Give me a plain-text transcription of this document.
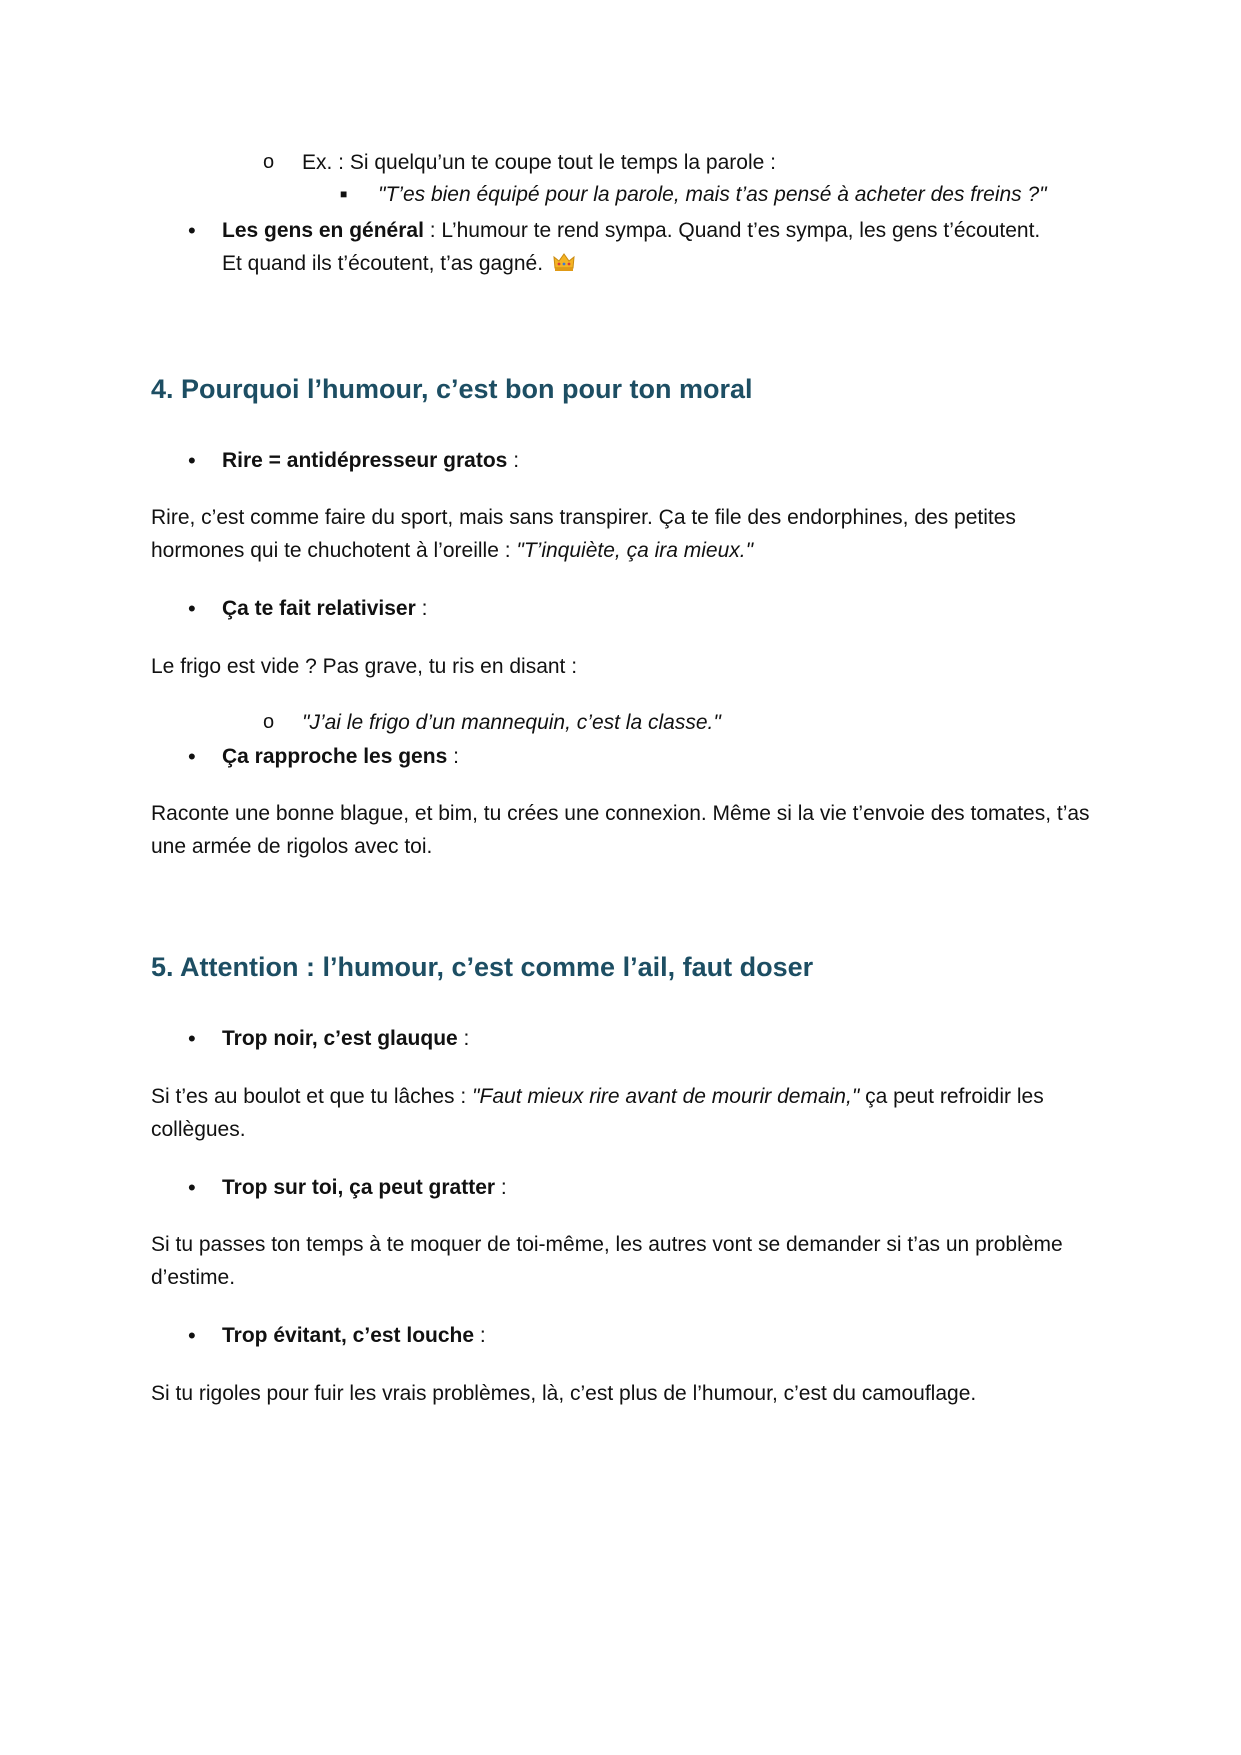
o Ex. : Si quelqu’un te coupe tout le temps la parole :
■ "T’es bien équipé pour la parole, mais t’as pensé à acheter des freins ?"
• Les gens en général : L’humour te rend sympa. Quand t’es sympa, les gens t’écoutent.
Et quand ils t’écoutent, t’as gagné.
4. Pourquoi l’humour, c’est bon pour ton moral
• Rire = antidépresseur gratos :
Rire, c’est comme faire du sport, mais sans transpirer. Ça te file des endorphines, des petites hormones qui te chuchotent à l’oreille : "T’inquiète, ça ira mieux."
• Ça te fait relativiser :
Le frigo est vide ? Pas grave, tu ris en disant :
o "J’ai le frigo d’un mannequin, c’est la classe."
• Ça rapproche les gens :
Raconte une bonne blague, et bim, tu crées une connexion. Même si la vie t’envoie des tomates, t’as une armée de rigolos avec toi.
5. Attention : l’humour, c’est comme l’ail, faut doser
• Trop noir, c’est glauque :
Si t’es au boulot et que tu lâches : "Faut mieux rire avant de mourir demain," ça peut refroidir les collègues.
• Trop sur toi, ça peut gratter :
Si tu passes ton temps à te moquer de toi-même, les autres vont se demander si t’as un problème d’estime.
• Trop évitant, c’est louche :
Si tu rigoles pour fuir les vrais problèmes, là, c’est plus de l’humour, c’est du camouflage.
